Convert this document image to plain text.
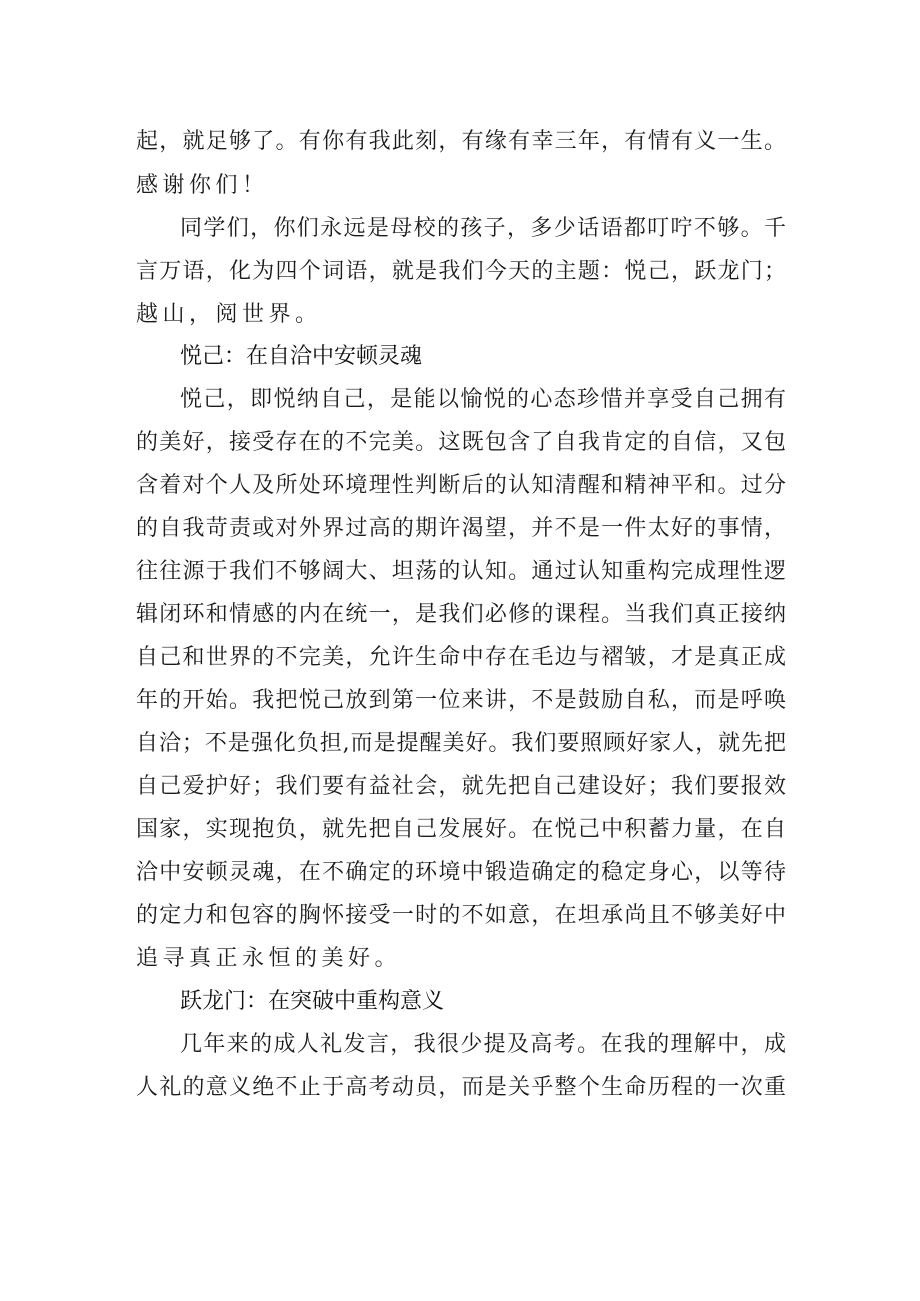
起，就足够了。有你有我此刻，有缘有幸三年，有情有义一生。
感谢你们！
同学们，你们永远是母校的孩子，多少话语都叮咛不够。千
言万语，化为四个词语，就是我们今天的主题：悦己，跃龙门；
越山，阅世界。
悦己：在自洽中安顿灵魂
悦己，即悦纳自己，是能以愉悦的心态珍惜并享受自己拥有
的美好，接受存在的不完美。这既包含了自我肯定的自信，又包
含着对个人及所处环境理性判断后的认知清醒和精神平和。过分
的自我苛责或对外界过高的期许渴望，并不是一件太好的事情，
往往源于我们不够阔大、坦荡的认知。通过认知重构完成理性逻
辑闭环和情感的内在统一，是我们必修的课程。当我们真正接纳
自己和世界的不完美，允许生命中存在毛边与褶皱，才是真正成
年的开始。我把悦己放到第一位来讲，不是鼓励自私，而是呼唤
自洽；不是强化负担,而是提醒美好。我们要照顾好家人，就先把
自己爱护好；我们要有益社会，就先把自己建设好；我们要报效
国家，实现抱负，就先把自己发展好。在悦己中积蓄力量，在自
洽中安顿灵魂，在不确定的环境中锻造确定的稳定身心，以等待
的定力和包容的胸怀接受一时的不如意，在坦承尚且不够美好中
追寻真正永恒的美好。
跃龙门：在突破中重构意义
几年来的成人礼发言，我很少提及高考。在我的理解中，成
人礼的意义绝不止于高考动员，而是关乎整个生命历程的一次重
